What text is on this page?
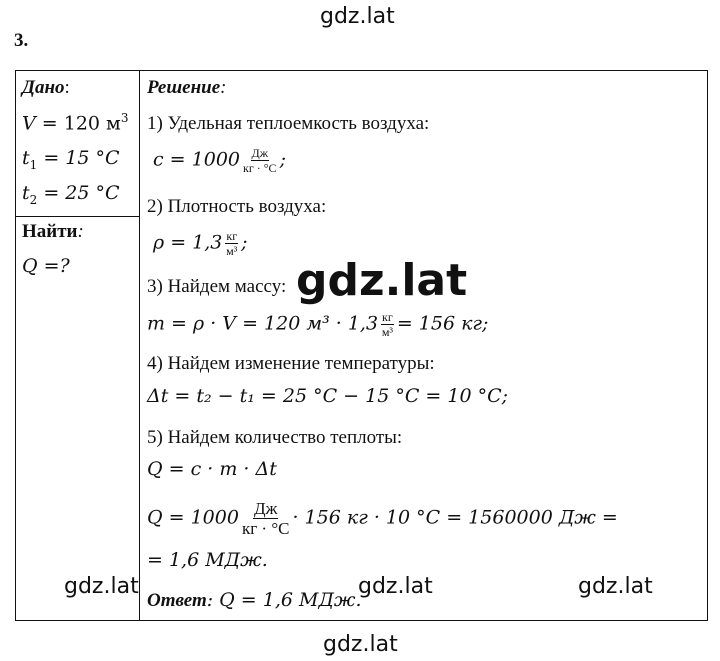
gdz.lat
3.
Дано:
V = 120 $м^3$
$t_1 = 15$ °C
$t_2 = 25$ °C
Найти:
Q =?
Решение:
1) Удельная теплоемкость воздуха:
$c = 1000 \frac{Дж}{кг \cdot ^\circ C}$ ;
2) Плотность воздуха:
$\rho = 1,3 \frac{кг}{\text{м³}}$ ;
3) Найдем массу:
m = ρ · V = 120 $м^3 \cdot 1,3 \frac{кг}{\text{м³}} = 156$ кг;
4) Найдем изменение температуры:
Δt = t₂ − t₁ = 25 °C − 15 °C = 10 °C;
5) Найдем количество теплоты:
Q = c · m · Δt
$Q = 1000 \frac{Дж}{кг \cdot ^\circ C} \cdot 156$ кг · 10 °C = 1560000 Дж =
= 1,6 МДж.
Ответ: Q = 1,6 МДж.
gdz.lat
gdz.lat	gdz.lat	gdz.lat
gdz.lat
